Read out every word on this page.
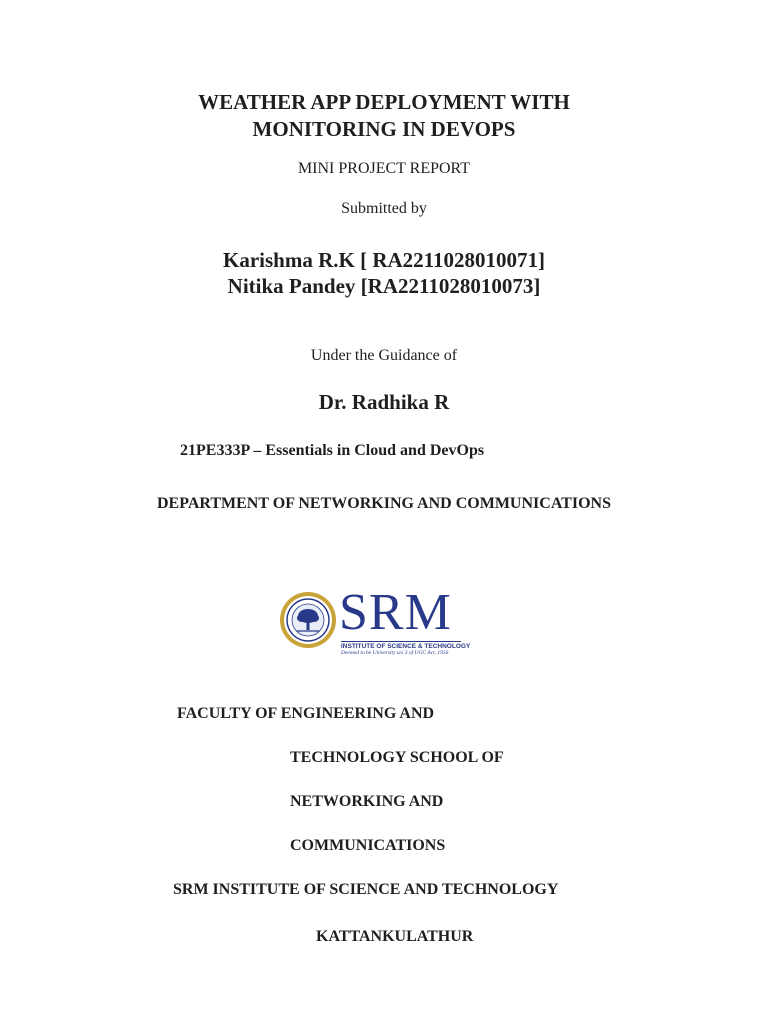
WEATHER APP DEPLOYMENT WITH
MONITORING IN DEVOPS
MINI PROJECT REPORT
Submitted by
Karishma R.K [ RA2211028010071]
Nitika Pandey [RA2211028010073]
Under the Guidance of
Dr. Radhika R
21PE333P – Essentials in Cloud and DevOps
DEPARTMENT OF NETWORKING AND COMMUNICATIONS
SRM
INSTITUTE OF SCIENCE & TECHNOLOGY
Deemed to be University u/s 3 of UGC Act, 1956
FACULTY OF ENGINEERING AND
TECHNOLOGY SCHOOL OF
NETWORKING AND
COMMUNICATIONS
SRM INSTITUTE OF SCIENCE AND TECHNOLOGY
KATTANKULATHUR
